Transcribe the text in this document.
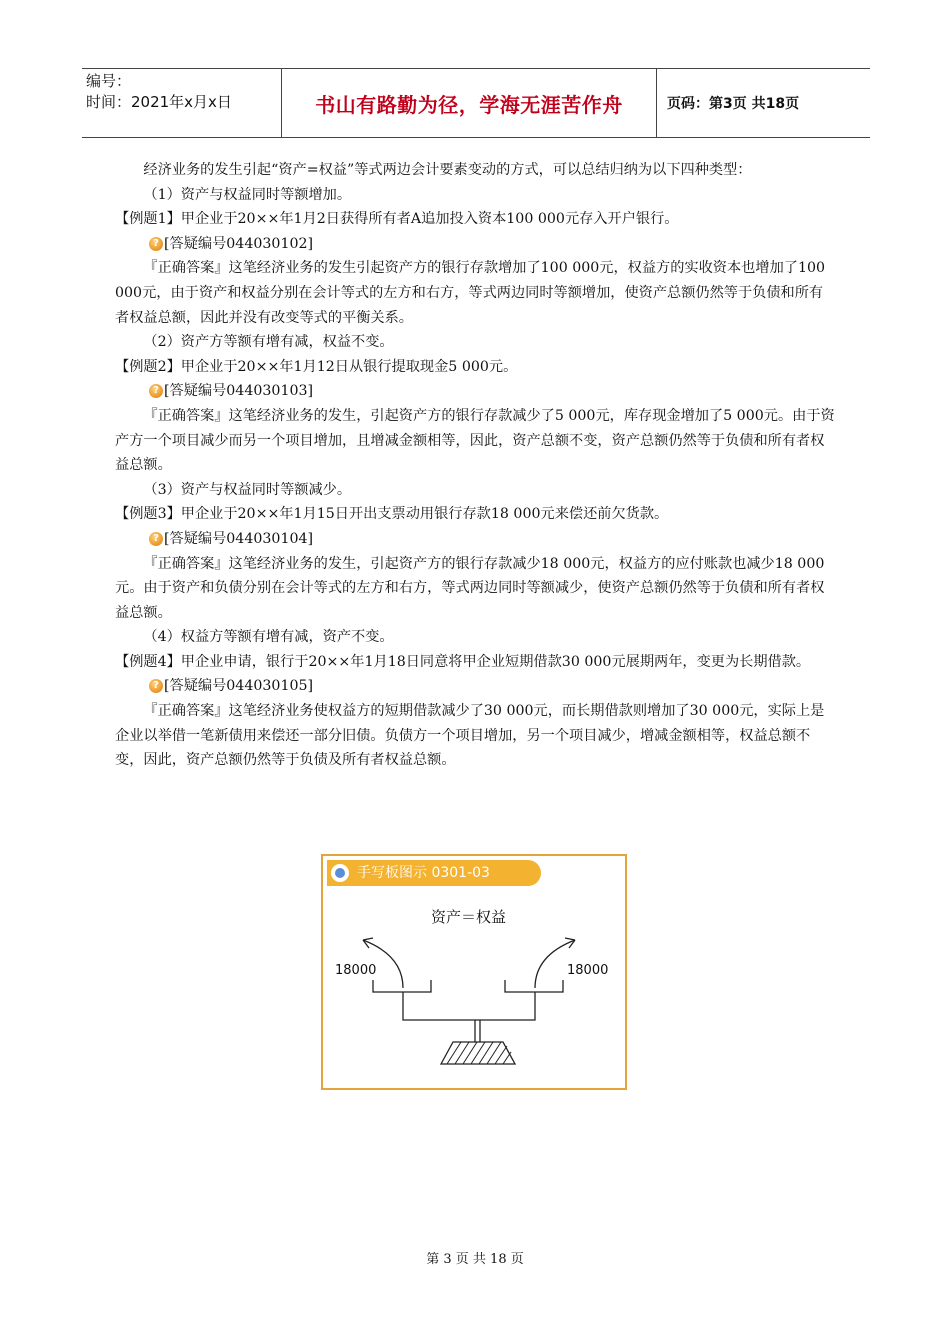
编号：
时间：2021年x月x日	书山有路勤为径，学海无涯苦作舟	页码：第3页 共18页

经济业务的发生引起“资产=权益”等式两边会计要素变动的方式，可以总结归纳为以下四种类型：

（1）资产与权益同时等额增加。

【例题1】甲企业于20××年1月2日获得所有者A追加投入资本100 000元存入开户银行。

? [答疑编号044030102]

『正确答案』这笔经济业务的发生引起资产方的银行存款增加了100 000元，权益方的实收资本也增加了100 000元，由于资产和权益分别在会计等式的左方和右方，等式两边同时等额增加，使资产总额仍然等于负债和所有者权益总额，因此并没有改变等式的平衡关系。

（2）资产方等额有增有减，权益不变。

【例题2】甲企业于20××年1月12日从银行提取现金5 000元。

? [答疑编号044030103]

『正确答案』这笔经济业务的发生，引起资产方的银行存款减少了5 000元，库存现金增加了5 000元。由于资产方一个项目减少而另一个项目增加，且增减金额相等，因此，资产总额不变，资产总额仍然等于负债和所有者权益总额。

（3）资产与权益同时等额减少。

【例题3】甲企业于20××年1月15日开出支票动用银行存款18 000元来偿还前欠货款。

? [答疑编号044030104]

『正确答案』这笔经济业务的发生，引起资产方的银行存款减少18 000元，权益方的应付账款也减少18 000元。由于资产和负债分别在会计等式的左方和右方，等式两边同时等额减少，使资产总额仍然等于负债和所有者权益总额。

（4）权益方等额有增有减，资产不变。

【例题4】甲企业申请，银行于20××年1月18日同意将甲企业短期借款30 000元展期两年，变更为长期借款。

? [答疑编号044030105]

『正确答案』这笔经济业务使权益方的短期借款减少了30 000元，而长期借款则增加了30 000元，实际上是企业以举借一笔新债用来偿还一部分旧债。负债方一个项目增加，另一个项目减少，增减金额相等，权益总额不变，因此，资产总额仍然等于负债及所有者权益总额。

手写板图示 0301-03
资产＝权益
18000	18000
第 3 页 共 18 页
